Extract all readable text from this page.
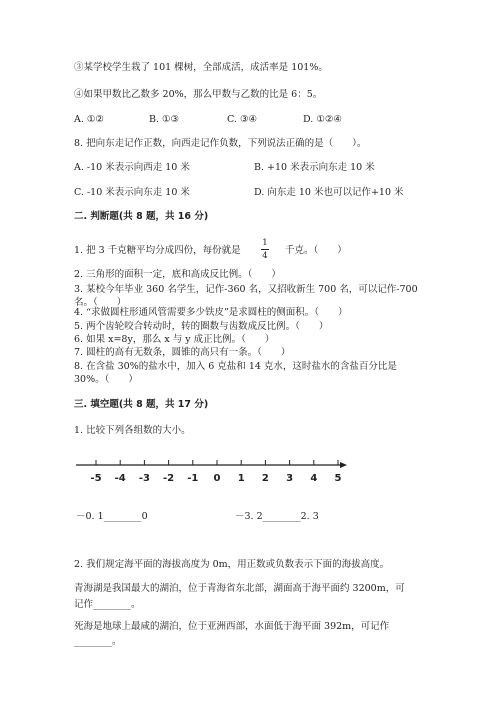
③某学校学生栽了 101 棵树，全部成活，成活率是 101%。
④如果甲数比乙数多 20%，那么甲数与乙数的比是 6：5。
A. ①②	B. ①③	C. ③④	D. ①②④
8. 把向东走记作正数，向西走记作负数，下列说法正确的是（　　）。
A. -10 米表示向西走 10 米	B. +10 米表示向东走 10 米
C. -10 米表示向东走 10 米	D. 向东走 10 米也可以记作+10 米
二. 判断题(共 8 题，共 16 分)
1. 把 3 千克糖平均分成四份，每份就是
1
4 千克。（　　）
2. 三角形的面积一定，底和高成反比例。（　　）
3. 某校今年毕业 360 名学生，记作-360 名，又招收新生 700 名，可以记作-700
名。（　　）
4. “求做圆柱形通风管需要多少铁皮”是求圆柱的侧面积。（　　）
5. 两个齿轮咬合转动时，转的圈数与齿数成反比例。（　　）
6. 如果 x=8y，那么 x 与 y 成正比例。（　　）
7. 圆柱的高有无数条，圆锥的高只有一条。（　　）
8. 在含盐 30%的盐水中，加入 6 克盐和 14 克水，这时盐水的含盐百分比是
30%。（　　）
三. 填空题(共 8 题，共 17 分)
1. 比较下列各组数的大小。
-5 -4 -3 -2 -1 0 1 2 3 4 5
－0. 1________0	－3. 2________2. 3
2. 我们规定海平面的海拔高度为 0m，用正数或负数表示下面的海拔高度。
青海湖是我国最大的湖泊，位于青海省东北部，湖面高于海平面约 3200m，可
记作________。
死海是地球上最咸的湖泊，位于亚洲西部，水面低于海平面 392m，可记作
________。
